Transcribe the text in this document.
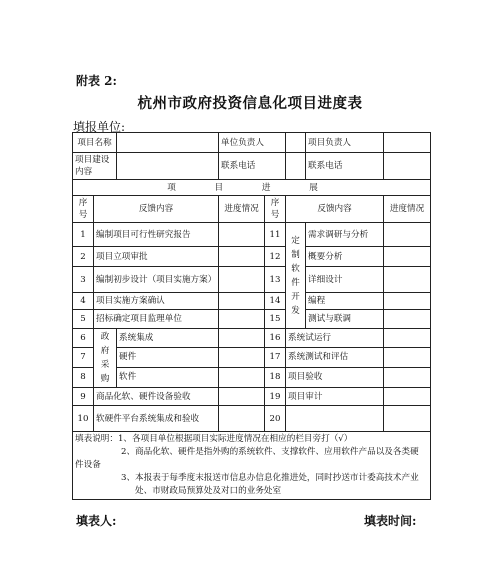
附表 2:
杭州市政府投资信息化项目进度表
填报单位:
项目名称			单位负责人			项目负责人	
项目建设内容			联系电话			联系电话	
项 目 进 展							
序号	反馈内容		进度情况	序号	反馈内容		进度情况
1	编制项目可行性研究报告			11	定制软件开发	需求调研与分析	
2	项目立项审批			12		概要分析	
3	编制初步设计（项目实施方案）			13		详细设计	
4	项目实施方案确认			14		编程	
5	招标确定项目监理单位			15		测试与联调	
6	政府采购	系统集成		16	系统试运行		
7		硬件		17	系统测试和评估		
8		软件		18	项目验收		
9	商品化软、硬件设备验收			19	项目审计		
10	软硬件平台系统集成和验收			20			

填表说明：1、各项目单位根据项目实际进度情况在相应的栏目旁打（√）
2、商品化软、硬件是指外购的系统软件、支撑软件、应用软件产品以及各类硬
件设备
3、本报表于每季度末报送市信息办信息化推进处，同时抄送市计委高技术产业
处、市财政局预算处及对口的业务处室							
填表人:	填表时间:
